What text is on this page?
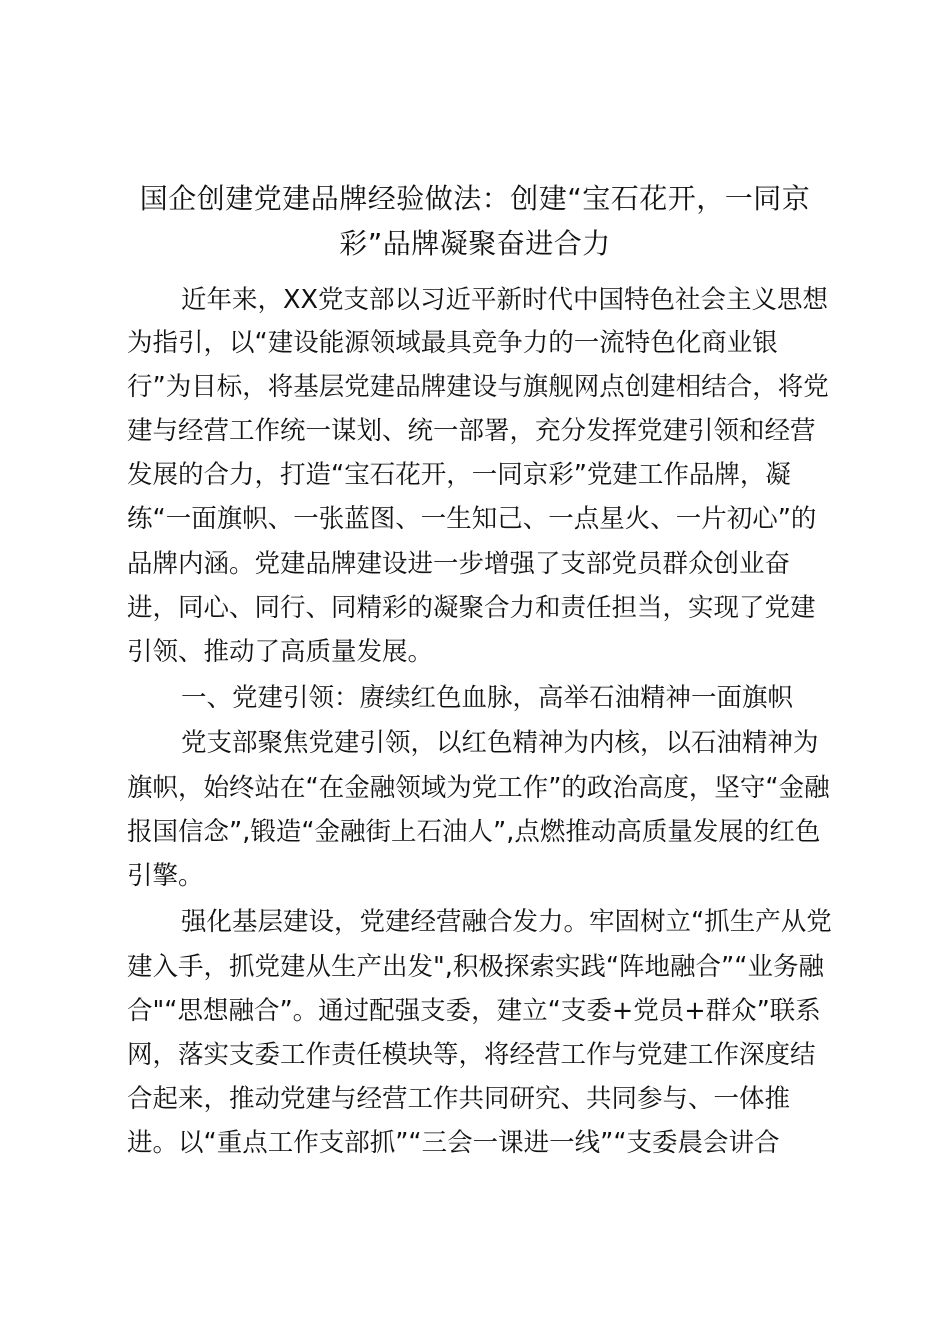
国企创建党建品牌经验做法：创建“宝石花开，一同京
彩”品牌凝聚奋进合力
近年来，XX党支部以习近平新时代中国特色社会主义思想
为指引，以“建设能源领域最具竞争力的一流特色化商业银
行”为目标，将基层党建品牌建设与旗舰网点创建相结合，将党
建与经营工作统一谋划、统一部署，充分发挥党建引领和经营
发展的合力，打造“宝石花开，一同京彩”党建工作品牌，凝
练“一面旗帜、一张蓝图、一生知己、一点星火、一片初心”的
品牌内涵。党建品牌建设进一步增强了支部党员群众创业奋
进，同心、同行、同精彩的凝聚合力和责任担当，实现了党建
引领、推动了高质量发展。
一、党建引领：赓续红色血脉，高举石油精神一面旗帜
党支部聚焦党建引领，以红色精神为内核，以石油精神为
旗帜，始终站在“在金融领域为党工作”的政治高度，坚守“金融
报国信念”,锻造“金融街上石油人”,点燃推动高质量发展的红色
引擎。
强化基层建设，党建经营融合发力。牢固树立“抓生产从党
建入手，抓党建从生产出发",积极探索实践“阵地融合”“业务融
合"“思想融合”。通过配强支委，建立“支委+党员+群众”联系
网，落实支委工作责任模块等，将经营工作与党建工作深度结
合起来，推动党建与经营工作共同研究、共同参与、一体推
进。以“重点工作支部抓”“三会一课进一线”“支委晨会讲合
